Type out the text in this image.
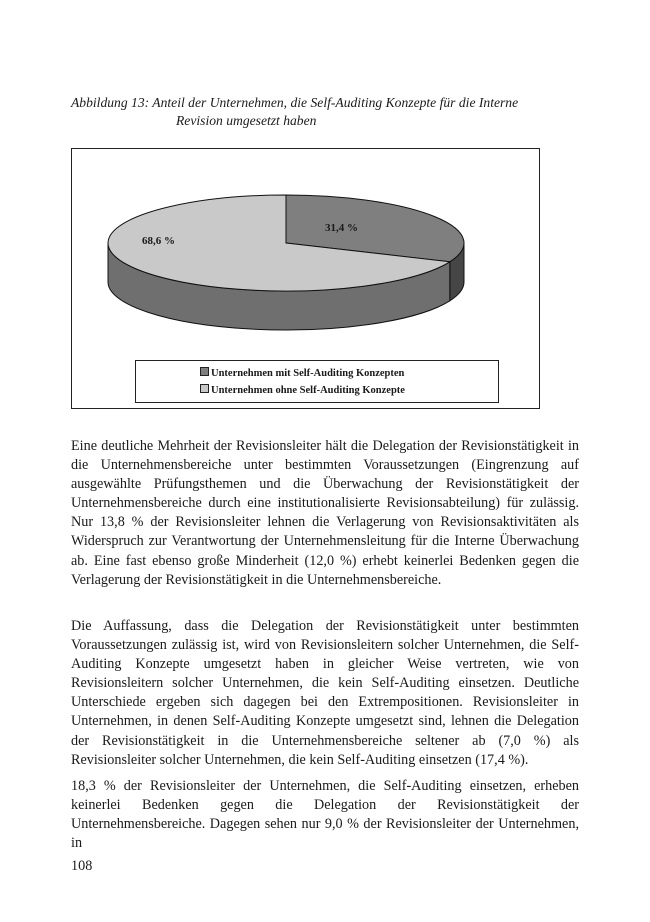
Abbildung 13: Anteil der Unternehmen, die Self-Auditing Konzepte für die Interne
Revision umgesetzt haben
31,4 %
68,6 %
Unternehmen mit Self-Auditing Konzepten
Unternehmen ohne Self-Auditing Konzepte
Eine deutliche Mehrheit der Revisionsleiter hält die Delegation der Revisionstätigkeit in die Unternehmensbereiche unter bestimmten Voraussetzungen (Eingrenzung auf ausgewählte Prüfungsthemen und die Überwachung der Revisionstätigkeit der Unternehmensbereiche durch eine institutionalisierte Revisionsabteilung) für zulässig. Nur 13,8 % der Revisionsleiter lehnen die Verlagerung von Revisionsaktivitäten als Widerspruch zur Verantwortung der Unternehmensleitung für die Interne Überwachung ab. Eine fast ebenso große Minderheit (12,0 %) erhebt keinerlei Bedenken gegen die Verlagerung der Revisionstätigkeit in die Unternehmensbereiche.
Die Auffassung, dass die Delegation der Revisionstätigkeit unter bestimmten Voraussetzungen zulässig ist, wird von Revisionsleitern solcher Unternehmen, die Self-Auditing Konzepte umgesetzt haben in gleicher Weise vertreten, wie von Revisionsleitern solcher Unternehmen, die kein Self-Auditing einsetzen. Deutliche Unterschiede ergeben sich dagegen bei den Extrempositionen. Revisionsleiter in Unternehmen, in denen Self-Auditing Konzepte umgesetzt sind, lehnen die Delegation der Revisionstätigkeit in die Unternehmensbereiche seltener ab (7,0 %) als Revisionsleiter solcher Unternehmen, die kein Self-Auditing einsetzen (17,4 %).
18,3 % der Revisionsleiter der Unternehmen, die Self-Auditing einsetzen, erheben keinerlei Bedenken gegen die Delegation der Revisionstätigkeit der Unternehmensbereiche. Dagegen sehen nur 9,0 % der Revisionsleiter der Unternehmen, in
108
